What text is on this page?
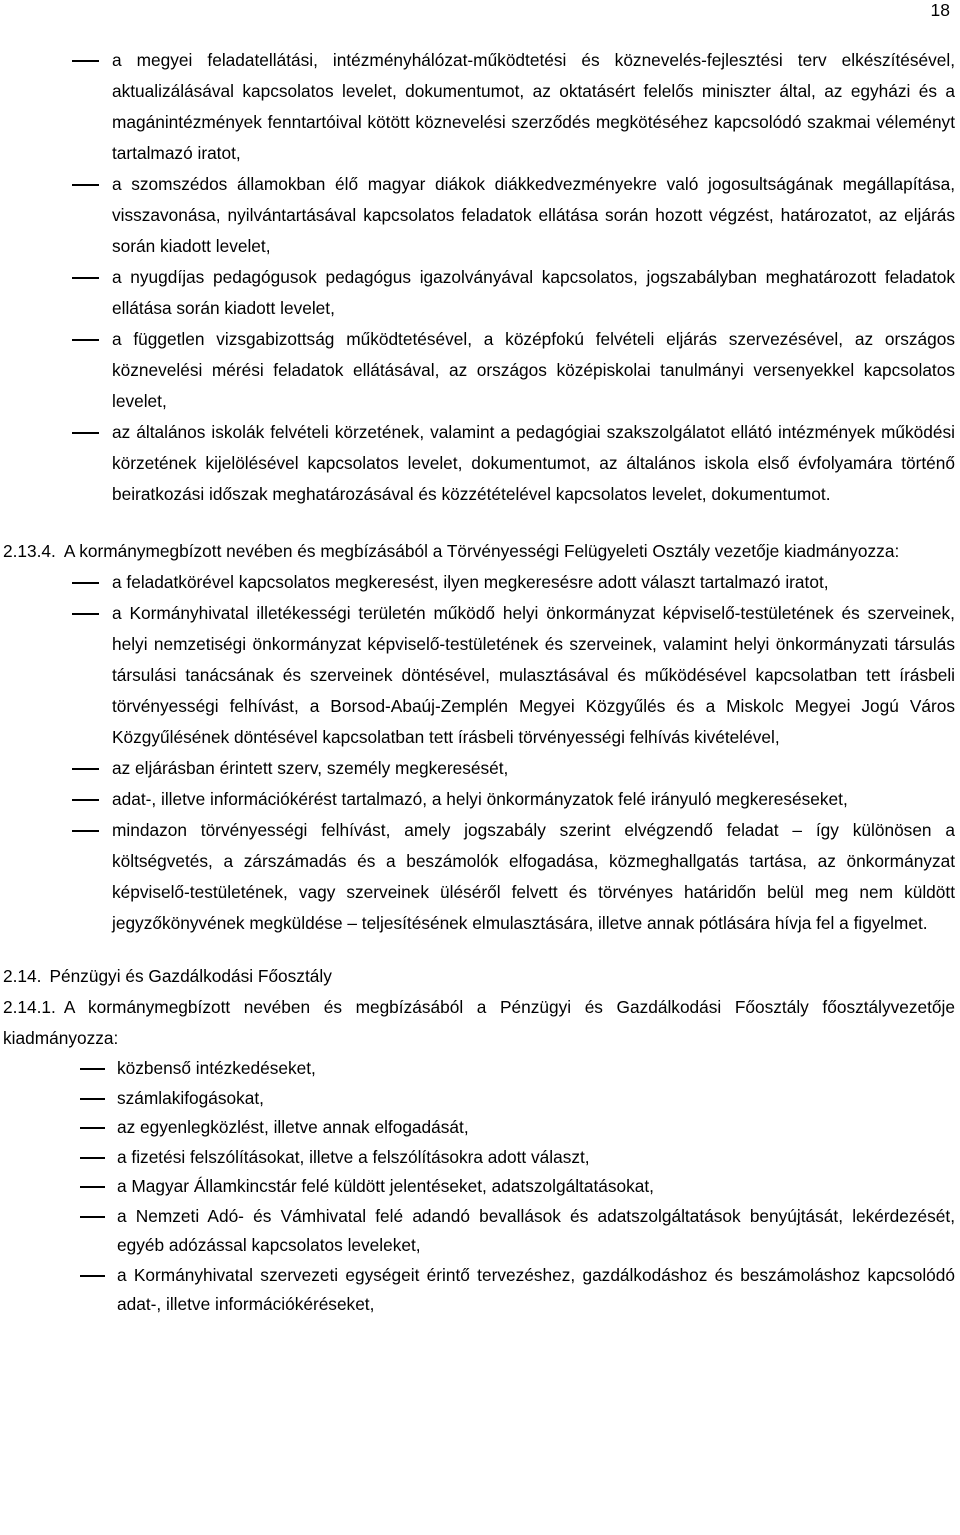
18
a megyei feladatellátási, intézményhálózat-működtetési és köznevelés-fejlesztési terv elkészítésével, aktualizálásával kapcsolatos levelet, dokumentumot, az oktatásért felelős miniszter által, az egyházi és a magánintézmények fenntartóival kötött köznevelési szerződés megkötéséhez kapcsolódó szakmai véleményt tartalmazó iratot,
a szomszédos államokban élő magyar diákok diákkedvezményekre való jogosultságának megállapítása, visszavonása, nyilvántartásával kapcsolatos feladatok ellátása során hozott végzést, határozatot, az eljárás során kiadott levelet,
a nyugdíjas pedagógusok pedagógus igazolványával kapcsolatos, jogszabályban meghatározott feladatok ellátása során kiadott levelet,
a független vizsgabizottság működtetésével, a középfokú felvételi eljárás szervezésével, az országos köznevelési mérési feladatok ellátásával, az országos középiskolai tanulmányi versenyekkel kapcsolatos levelet,
az általános iskolák felvételi körzetének, valamint a pedagógiai szakszolgálatot ellátó intézmények működési körzetének kijelölésével kapcsolatos levelet, dokumentumot, az általános iskola első évfolyamára történő beiratkozási időszak meghatározásával és közzétételével kapcsolatos levelet, dokumentumot.

2.13.4. A kormánymegbízott nevében és megbízásából a Törvényességi Felügyeleti Osztály vezetője kiadmányozza:

a feladatkörével kapcsolatos megkeresést, ilyen megkeresésre adott választ tartalmazó iratot,
a Kormányhivatal illetékességi területén működő helyi önkormányzat képviselő-testületének és szerveinek, helyi nemzetiségi önkormányzat képviselő-testületének és szerveinek, valamint helyi önkormányzati társulás társulási tanácsának és szerveinek döntésével, mulasztásával és működésével kapcsolatban tett írásbeli törvényességi felhívást, a Borsod-Abaúj-Zemplén Megyei Közgyűlés és a Miskolc Megyei Jogú Város Közgyűlésének döntésével kapcsolatban tett írásbeli törvényességi felhívás kivételével,
az eljárásban érintett szerv, személy megkeresését,
adat-, illetve információkérést tartalmazó, a helyi önkormányzatok felé irányuló megkereséseket,
mindazon törvényességi felhívást, amely jogszabály szerint elvégzendő feladat – így különösen a költségvetés, a zárszámadás és a beszámolók elfogadása, közmeghallgatás tartása, az önkormányzat képviselő-testületének, vagy szerveinek üléséről felvett és törvényes határidőn belül meg nem küldött jegyzőkönyvének megküldése – teljesítésének elmulasztására, illetve annak pótlására hívja fel a figyelmet.

2.14. Pénzügyi és Gazdálkodási Főosztály

2.14.1. A kormánymegbízott nevében és megbízásából a Pénzügyi és Gazdálkodási Főosztály főosztályvezetője kiadmányozza:

közbenső intézkedéseket,
számlakifogásokat,
az egyenlegközlést, illetve annak elfogadását,
a fizetési felszólításokat, illetve a felszólításokra adott választ,
a Magyar Államkincstár felé küldött jelentéseket, adatszolgáltatásokat,
a Nemzeti Adó- és Vámhivatal felé adandó bevallások és adatszolgáltatások benyújtását, lekérdezését, egyéb adózással kapcsolatos leveleket,
a Kormányhivatal szervezeti egységeit érintő tervezéshez, gazdálkodáshoz és beszámoláshoz kapcsolódó adat-, illetve információkéréseket,
